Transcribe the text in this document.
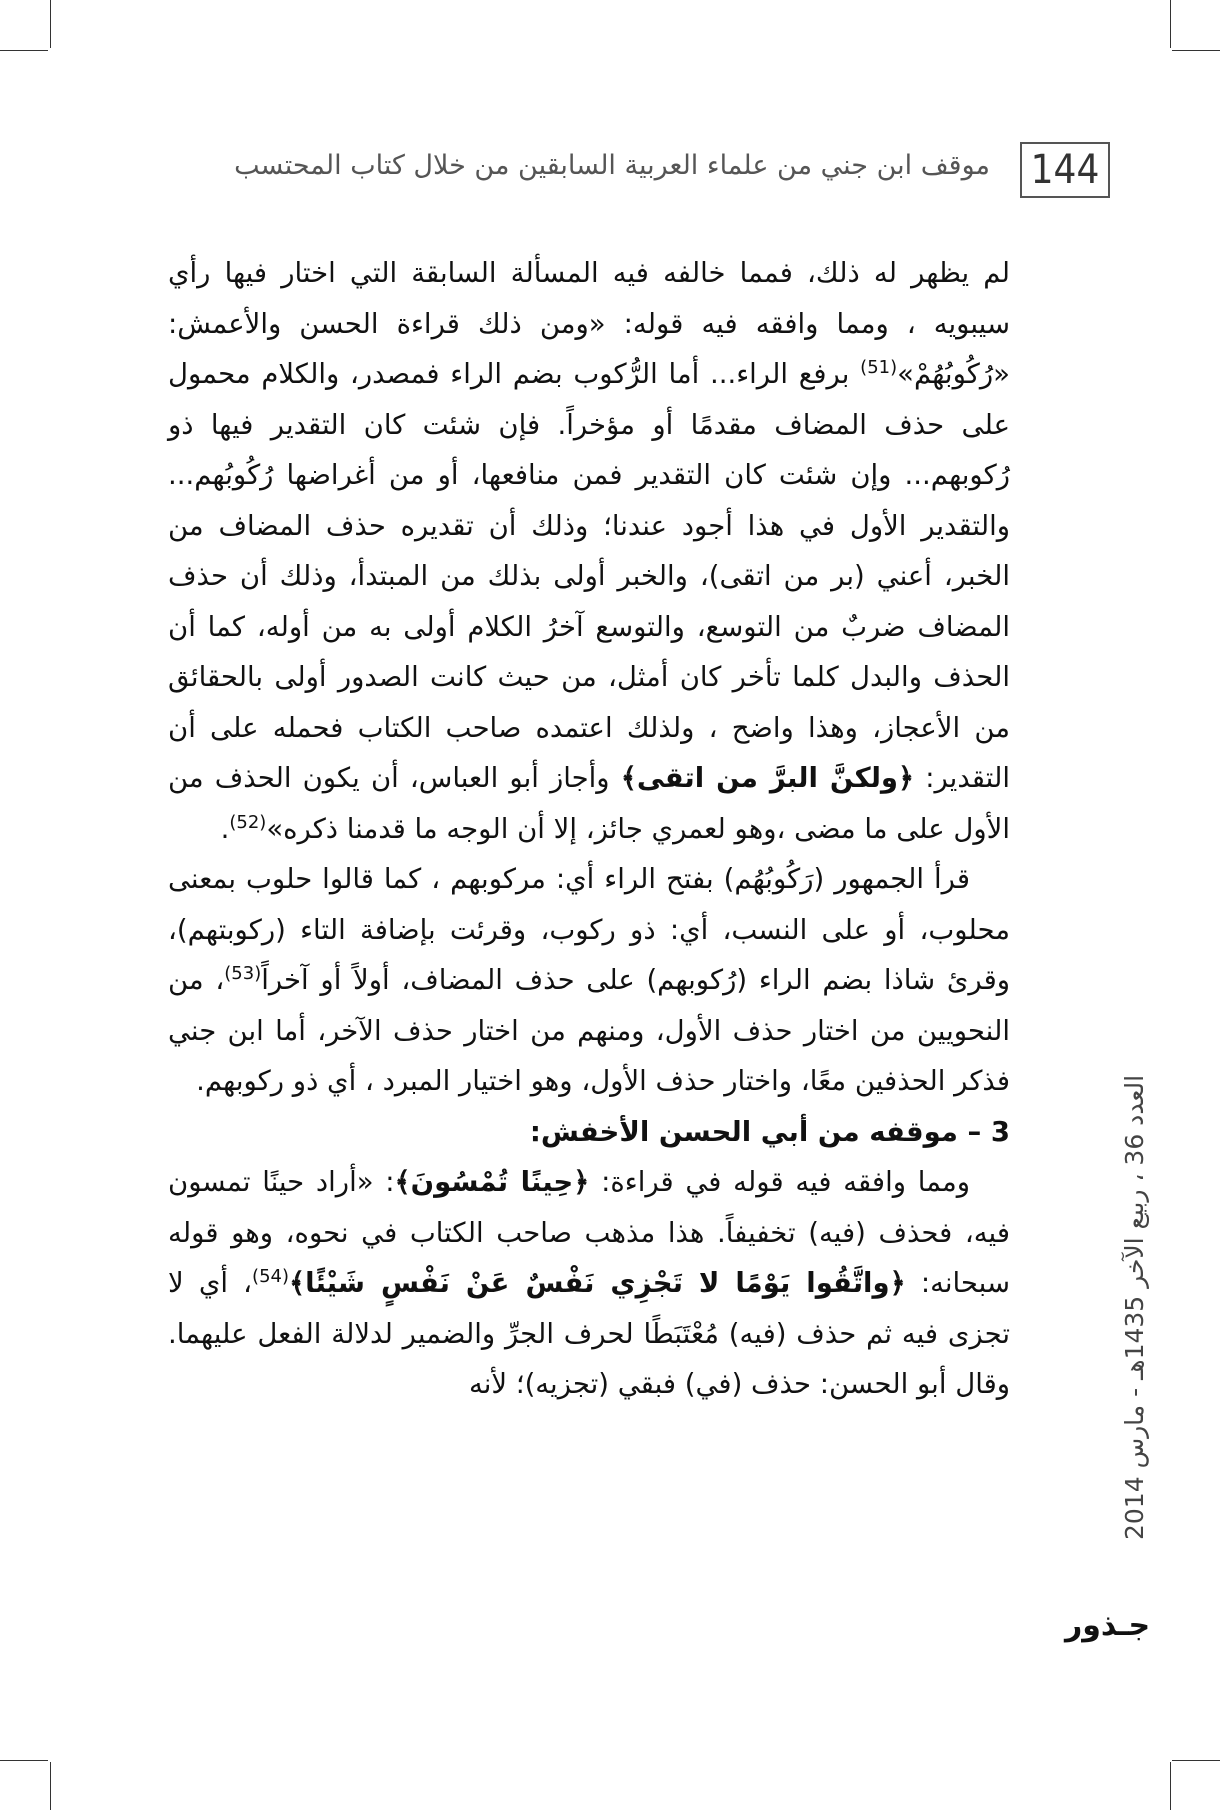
144
موقف ابن جني من علماء العربية السابقين من خلال كتاب المحتسب

لم يظهر له ذلك، فمما خالفه فيه المسألة السابقة التي اختار فيها رأي سيبويه ، ومما وافقه فيه قوله: «ومن ذلك قراءة الحسن والأعمش: «رُكُوبُهُمْ»$^{(51)}$ برفع الراء... أما الرُّكوب بضم الراء فمصدر، والكلام محمول على حذف المضاف مقدمًا أو مؤخراً. فإن شئت كان التقدير فيها ذو رُكوبهم... وإن شئت كان التقدير فمن منافعها، أو من أغراضها رُكُوبُهم... والتقدير الأول في هذا أجود عندنا؛ وذلك أن تقديره حذف المضاف من الخبر، أعني (بر من اتقى)، والخبر أولى بذلك من المبتدأ، وذلك أن حذف المضاف ضربٌ من التوسع، والتوسع آخرُ الكلام أولى به من أوله، كما أن الحذف والبدل كلما تأخر كان أمثل، من حيث كانت الصدور أولى بالحقائق من الأعجاز، وهذا واضح ، ولذلك اعتمده صاحب الكتاب فحمله على أن التقدير: ﴿ولكنَّ البرَّ من اتقى﴾ وأجاز أبو العباس، أن يكون الحذف من الأول على ما مضى ،وهو لعمري جائز، إلا أن الوجه ما قدمنا ذكره»$^{(52)}$.

قرأ الجمهور (رَكُوبُهُم) بفتح الراء أي: مركوبهم ، كما قالوا حلوب بمعنى محلوب، أو على النسب، أي: ذو ركوب، وقرئت بإضافة التاء (ركوبتهم)، وقرئ شاذا بضم الراء (رُكوبهم) على حذف المضاف، أولاً أو آخراً$^{(53)}$، من النحويين من اختار حذف الأول، ومنهم من اختار حذف الآخر، أما ابن جني فذكر الحذفين معًا، واختار حذف الأول، وهو اختيار المبرد ، أي ذو ركوبهم.

3 – موقفه من أبي الحسن الأخفش:

ومما وافقه فيه قوله في قراءة: ﴿حِينًا تُمْسُونَ﴾: «أراد حينًا تمسون فيه، فحذف (فيه) تخفيفاً. هذا مذهب صاحب الكتاب في نحوه، وهو قوله سبحانه: ﴿واتَّقُوا يَوْمًا لا تَجْزِي نَفْسٌ عَنْ نَفْسٍ شَيْئًا﴾$^{(54)}$، أي لا تجزى فيه ثم حذف (فيه) مُعْتَبَطًا لحرف الجرِّ والضمير لدلالة الفعل عليهما. وقال أبو الحسن: حذف (في) فبقي (تجزيه)؛ لأنه

العدد 36 ، ربيع الآخر 1435هـ - مارس 2014
جـذور
